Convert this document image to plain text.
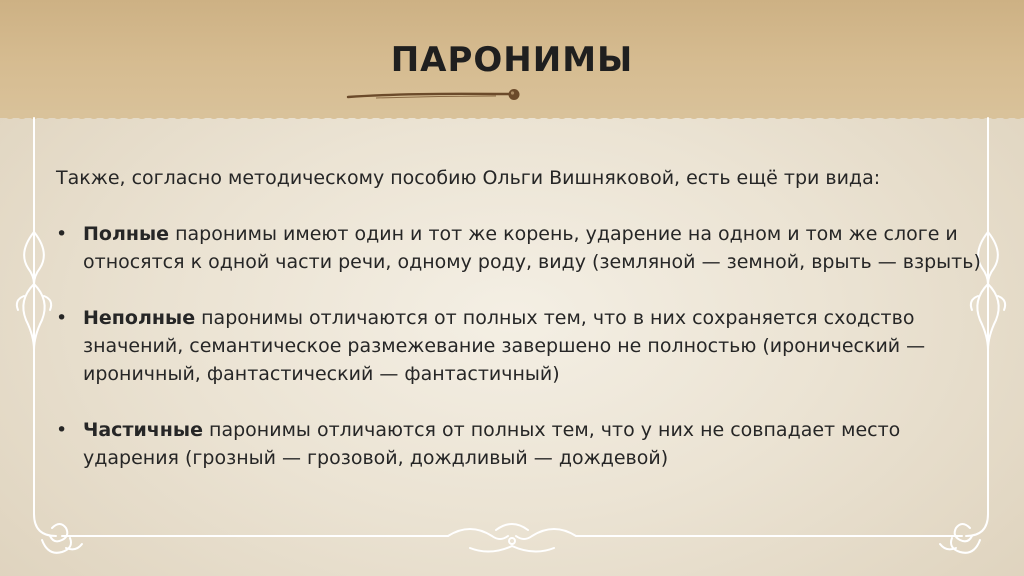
ПАРОНИМЫ

Также, согласно методическому пособию Ольги Вишняковой, есть ещё три вида:

• Полные паронимы имеют один и тот же корень, ударение на одном и том же слоге и относятся к одной части речи, одному роду, виду (земляной — земной, врыть — взрыть)
• Неполные паронимы отличаются от полных тем, что в них сохраняется сходство значений, семантическое размежевание завершено не полностью (иронический — ироничный, фантастический — фантастичный)
• Частичные паронимы отличаются от полных тем, что у них не совпадает место ударения (грозный — грозовой, дождливый — дождевой)
